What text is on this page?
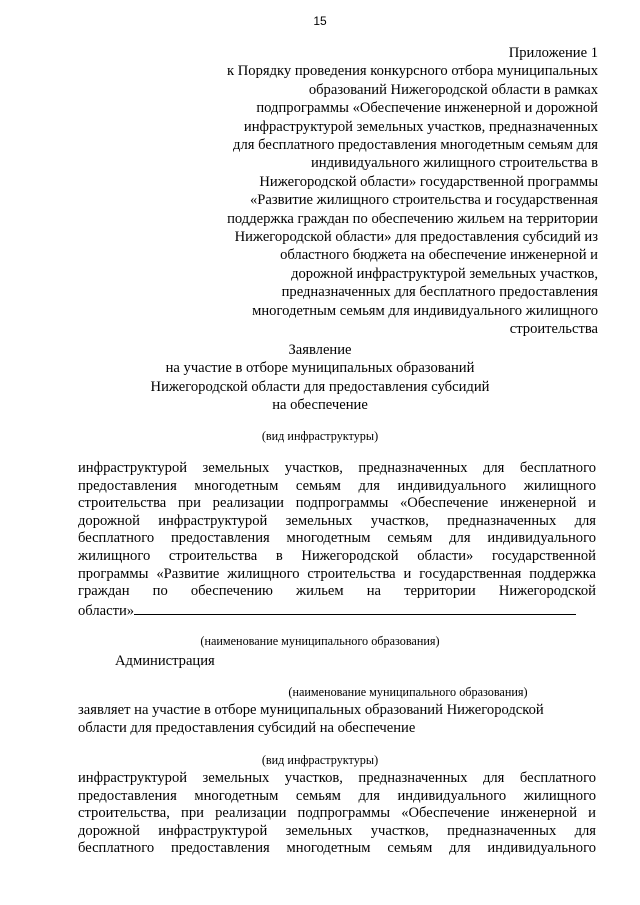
15
Приложение 1
к Порядку проведения конкурсного отбора муниципальных
образований Нижегородской области в рамках
подпрограммы «Обеспечение инженерной и дорожной
инфраструктурой земельных участков, предназначенных
для бесплатного предоставления многодетным семьям для
индивидуального жилищного строительства в
Нижегородской области» государственной программы
«Развитие жилищного строительства и государственная
поддержка граждан по обеспечению жильем на территории
Нижегородской области» для предоставления субсидий из
областного бюджета на обеспечение инженерной и
дорожной инфраструктурой земельных участков,
предназначенных для бесплатного предоставления
многодетным семьям для индивидуального жилищного
строительства
Заявление
на участие в отборе муниципальных образований
Нижегородской области для предоставления субсидий
на обеспечение
(вид инфраструктуры)
инфраструктурой земельных участков, предназначенных для бесплатного
предоставления многодетным семьям для индивидуального жилищного
строительства при реализации подпрограммы «Обеспечение инженерной и
дорожной инфраструктурой земельных участков, предназначенных для
бесплатного предоставления многодетным семьям для индивидуального
жилищного строительства в Нижегородской области» государственной
программы «Развитие жилищного строительства и государственная поддержка
граждан по обеспечению жильем на территории Нижегородской
области»
(наименование муниципального образования)
Администрация
(наименование муниципального образования)
заявляет на участие в отборе муниципальных образований Нижегородской
области для предоставления субсидий на обеспечение
(вид инфраструктуры)
инфраструктурой земельных участков, предназначенных для бесплатного
предоставления многодетным семьям для индивидуального жилищного
строительства, при реализации подпрограммы «Обеспечение инженерной и
дорожной инфраструктурой земельных участков, предназначенных для
бесплатного предоставления многодетным семьям для индивидуального
